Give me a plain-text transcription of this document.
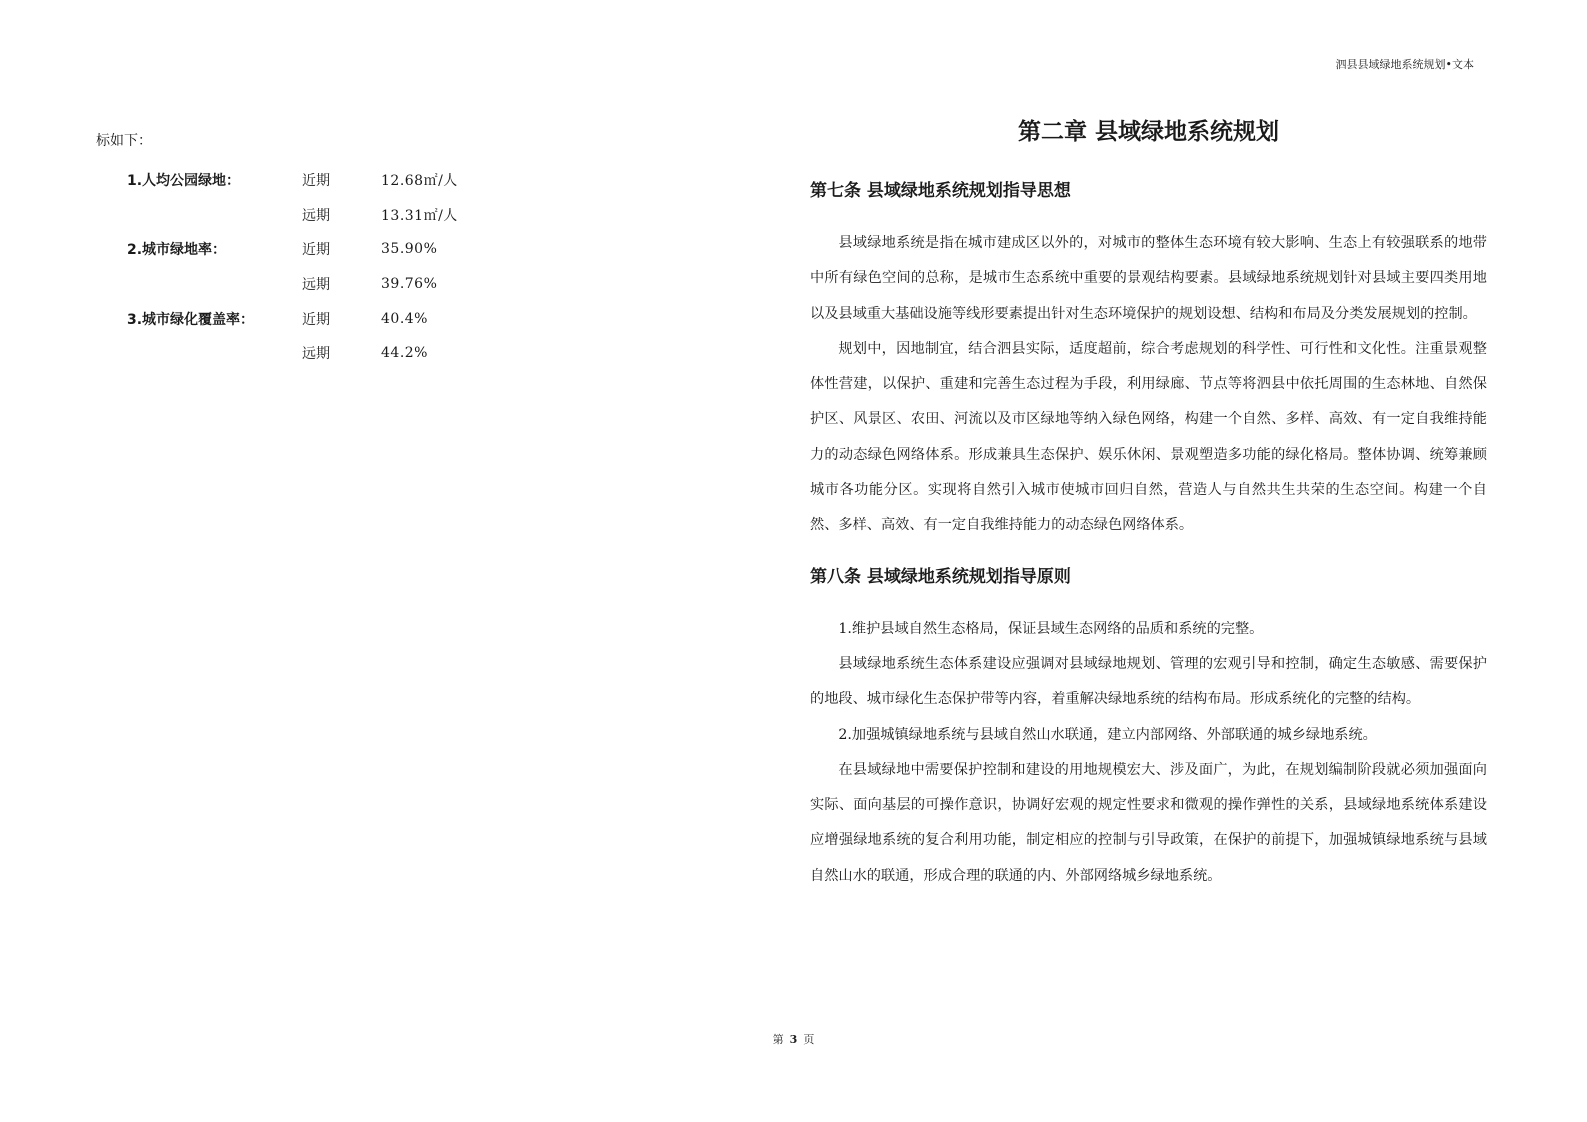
泗县县域绿地系统规划•文本

标如下：

1.人均公园绿地：	近期	12.68㎡/人
	远期	13.31㎡/人
2.城市绿地率：	近期	35.90%
	远期	39.76%
3.城市绿化覆盖率：	近期	40.4%
	远期	44.2%
第二章 县域绿地系统规划
第七条 县域绿地系统规划指导思想

县域绿地系统是指在城市建成区以外的，对城市的整体生态环境有较大影响、生态上有较强联系的地带中所有绿色空间的总称，是城市生态系统中重要的景观结构要素。县域绿地系统规划针对县域主要四类用地以及县域重大基础设施等线形要素提出针对生态环境保护的规划设想、结构和布局及分类发展规划的控制。

规划中，因地制宜，结合泗县实际，适度超前，综合考虑规划的科学性、可行性和文化性。注重景观整体性营建，以保护、重建和完善生态过程为手段，利用绿廊、节点等将泗县中依托周围的生态林地、自然保护区、风景区、农田、河流以及市区绿地等纳入绿色网络，构建一个自然、多样、高效、有一定自我维持能力的动态绿色网络体系。形成兼具生态保护、娱乐休闲、景观塑造多功能的绿化格局。整体协调、统筹兼顾城市各功能分区。实现将自然引入城市使城市回归自然，营造人与自然共生共荣的生态空间。构建一个自然、多样、高效、有一定自我维持能力的动态绿色网络体系。

第八条 县域绿地系统规划指导原则

1.维护县域自然生态格局，保证县域生态网络的品质和系统的完整。

县域绿地系统生态体系建设应强调对县域绿地规划、管理的宏观引导和控制，确定生态敏感、需要保护的地段、城市绿化生态保护带等内容，着重解决绿地系统的结构布局。形成系统化的完整的结构。

2.加强城镇绿地系统与县域自然山水联通，建立内部网络、外部联通的城乡绿地系统。

在县域绿地中需要保护控制和建设的用地规模宏大、涉及面广，为此，在规划编制阶段就必须加强面向实际、面向基层的可操作意识，协调好宏观的规定性要求和微观的操作弹性的关系，县域绿地系统体系建设应增强绿地系统的复合利用功能，制定相应的控制与引导政策，在保护的前提下，加强城镇绿地系统与县域自然山水的联通，形成合理的联通的内、外部网络城乡绿地系统。

第 3 页
